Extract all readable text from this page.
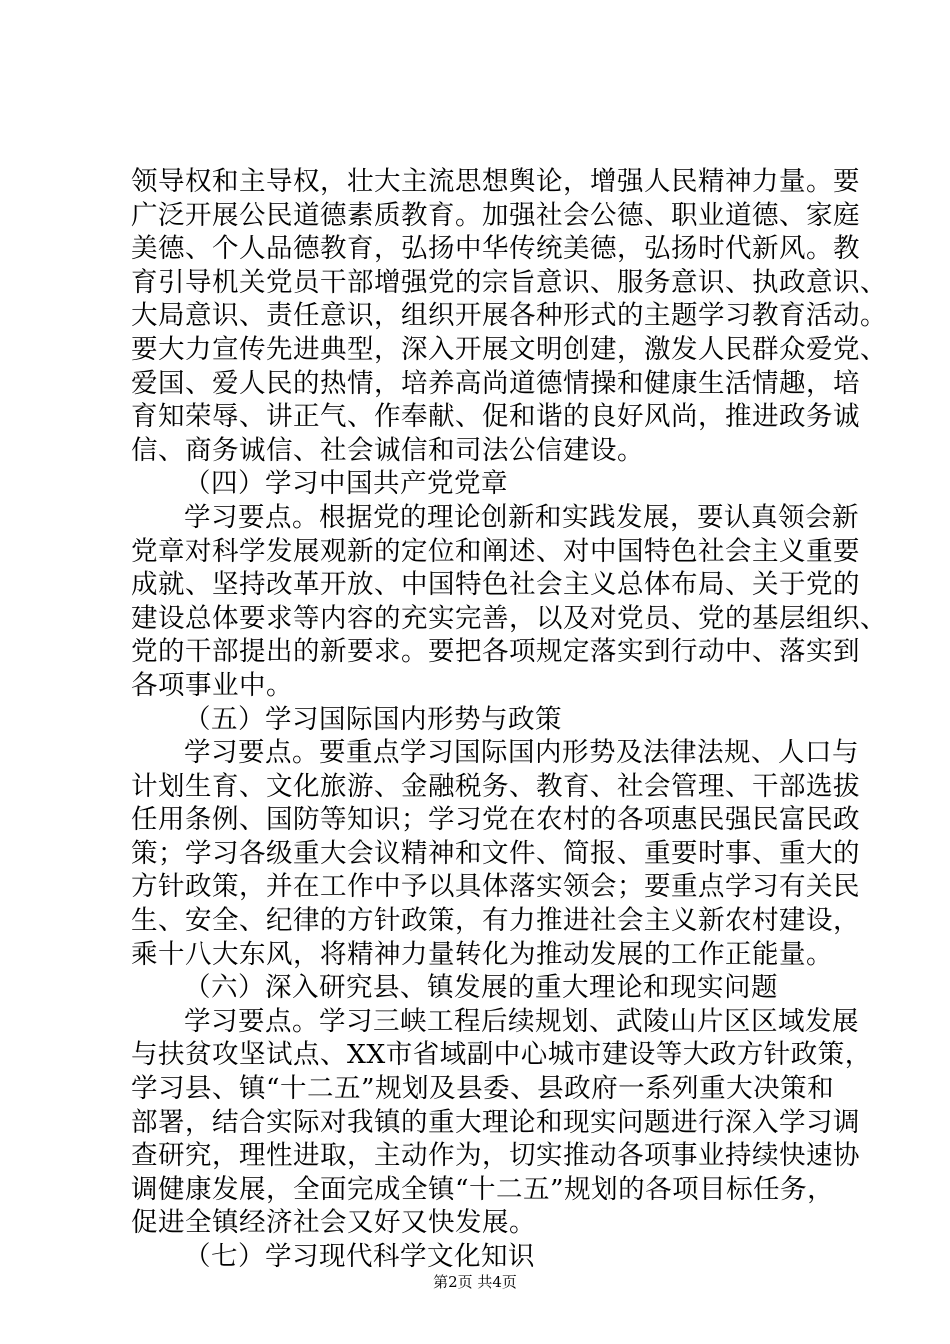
领导权和主导权，壮大主流思想舆论，增强人民精神力量。要
广泛开展公民道德素质教育。加强社会公德、职业道德、家庭
美德、个人品德教育，弘扬中华传统美德，弘扬时代新风。教
育引导机关党员干部增强党的宗旨意识、服务意识、执政意识、
大局意识、责任意识，组织开展各种形式的主题学习教育活动。
要大力宣传先进典型，深入开展文明创建，激发人民群众爱党、
爱国、爱人民的热情，培养高尚道德情操和健康生活情趣，培
育知荣辱、讲正气、作奉献、促和谐的良好风尚，推进政务诚
信、商务诚信、社会诚信和司法公信建设。
（四）学习中国共产党党章
学习要点。根据党的理论创新和实践发展，要认真领会新
党章对科学发展观新的定位和阐述、对中国特色社会主义重要
成就、坚持改革开放、中国特色社会主义总体布局、关于党的
建设总体要求等内容的充实完善，以及对党员、党的基层组织、
党的干部提出的新要求。要把各项规定落实到行动中、落实到
各项事业中。
（五）学习国际国内形势与政策
学习要点。要重点学习国际国内形势及法律法规、人口与
计划生育、文化旅游、金融税务、教育、社会管理、干部选拔
任用条例、国防等知识；学习党在农村的各项惠民强民富民政
策；学习各级重大会议精神和文件、简报、重要时事、重大的
方针政策，并在工作中予以具体落实领会；要重点学习有关民
生、安全、纪律的方针政策，有力推进社会主义新农村建设，
乘十八大东风，将精神力量转化为推动发展的工作正能量。
（六）深入研究县、镇发展的重大理论和现实问题
学习要点。学习三峡工程后续规划、武陵山片区区域发展
与扶贫攻坚试点、XX市省域副中心城市建设等大政方针政策，
学习县、镇“十二五”规划及县委、县政府一系列重大决策和
部署，结合实际对我镇的重大理论和现实问题进行深入学习调
查研究，理性进取，主动作为，切实推动各项事业持续快速协
调健康发展，全面完成全镇“十二五”规划的各项目标任务，
促进全镇经济社会又好又快发展。
（七）学习现代科学文化知识
第2页 共4页
